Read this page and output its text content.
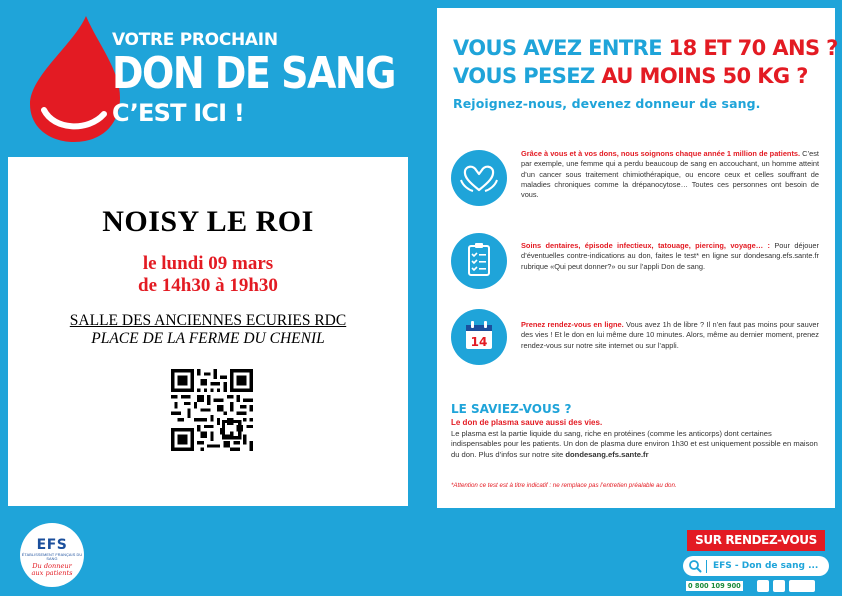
VOTRE PROCHAIN
DON DE SANG
C’EST ICI !
NOISY LE ROI
le lundi 09 mars
de 14h30 à 19h30
SALLE DES ANCIENNES ECURIES RDC
PLACE DE LA FERME DU CHENIL
VOUS AVEZ ENTRE 18 ET 70 ANS ?
VOUS PESEZ AU MOINS 50 KG ?
Rejoignez-nous, devenez donneur de sang.
Grâce à vous et à vos dons, nous soignons chaque année 1 million de patients. C’est par exemple, une femme qui a perdu beaucoup de sang en accouchant, un homme atteint d’un cancer sous traitement chimiothérapique, ou encore ceux et celles souffrant de maladies chroniques comme la drépanocytose… Toutes ces personnes ont besoin de vous.
Soins dentaires, épisode infectieux, tatouage, piercing, voyage… : Pour déjouer d’éventuelles contre-indications au don, faites le test* en ligne sur dondesang.efs.sante.fr rubrique «Qui peut donner?» ou sur l’appli Don de sang.
14
Prenez rendez-vous en ligne. Vous avez 1h de libre ? Il n’en faut pas moins pour sauver des vies ! Et le don en lui même dure 10 minutes. Alors, même au dernier moment, prenez rendez-vous sur notre site internet ou sur l’appli.
LE SAVIEZ-VOUS ?
Le don de plasma sauve aussi des vies.
Le plasma est la partie liquide du sang, riche en protéines (comme les anticorps) dont certaines indispensables pour les patients. Un don de plasma dure environ 1h30 et est uniquement possible en maison du don. Plus d’infos sur notre site dondesang.efs.sante.fr
*Attention ce test est à titre indicatif : ne remplace pas l’entretien préalable au don.
EFS
ÉTABLISSEMENT FRANÇAIS DU SANG
Du donneur
aux patients
SUR RENDEZ-VOUS
EFS - Don de sang ...
0 800 109 900
